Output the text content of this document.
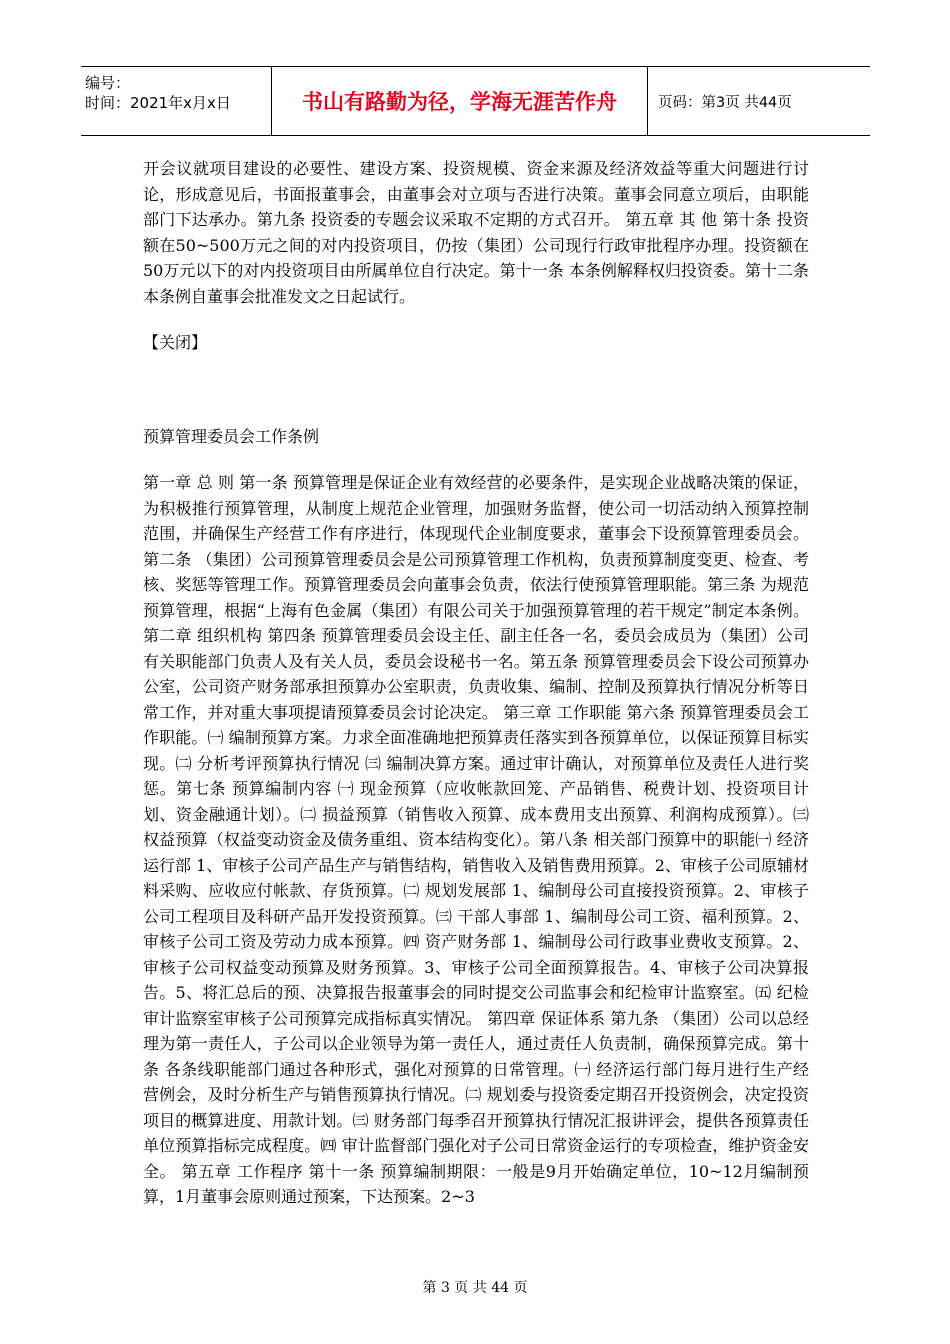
编号：
时间：2021年x月x日	书山有路勤为径，学海无涯苦作舟	页码：第3页 共44页

开会议就项目建设的必要性、建设方案、投资规模、资金来源及经济效益等重大问题进行讨论，形成意见后，书面报董事会，由董事会对立项与否进行决策。董事会同意立项后，由职能部门下达承办。第九条 投资委的专题会议采取不定期的方式召开。 第五章 其 他 第十条 投资额在50~500万元之间的对内投资项目，仍按（集团）公司现行行政审批程序办理。投资额在50万元以下的对内投资项目由所属单位自行决定。第十一条 本条例解释权归投资委。第十二条 本条例自董事会批准发文之日起试行。

【关闭】

预算管理委员会工作条例

第一章 总 则 第一条 预算管理是保证企业有效经营的必要条件，是实现企业战略决策的保证，为积极推行预算管理，从制度上规范企业管理，加强财务监督，使公司一切活动纳入预算控制范围，并确保生产经营工作有序进行，体现现代企业制度要求，董事会下设预算管理委员会。第二条 （集团）公司预算管理委员会是公司预算管理工作机构，负责预算制度变更、检查、考核、奖惩等管理工作。预算管理委员会向董事会负责，依法行使预算管理职能。第三条 为规范预算管理，根据“上海有色金属（集团）有限公司关于加强预算管理的若干规定”制定本条例。 第二章 组织机构 第四条 预算管理委员会设主任、副主任各一名，委员会成员为（集团）公司有关职能部门负责人及有关人员，委员会设秘书一名。第五条 预算管理委员会下设公司预算办公室，公司资产财务部承担预算办公室职责，负责收集、编制、控制及预算执行情况分析等日常工作，并对重大事项提请预算委员会讨论决定。 第三章 工作职能 第六条 预算管理委员会工作职能。㈠ 编制预算方案。力求全面准确地把预算责任落实到各预算单位，以保证预算目标实现。㈡ 分析考评预算执行情况 ㈢ 编制决算方案。通过审计确认，对预算单位及责任人进行奖惩。第七条 预算编制内容 ㈠ 现金预算（应收帐款回笼、产品销售、税费计划、投资项目计划、资金融通计划）。㈡ 损益预算（销售收入预算、成本费用支出预算、利润构成预算）。㈢ 权益预算（权益变动资金及债务重组、资本结构变化）。第八条 相关部门预算中的职能㈠ 经济运行部 1、审核子公司产品生产与销售结构，销售收入及销售费用预算。2、审核子公司原辅材料采购、应收应付帐款、存货预算。㈡ 规划发展部 1、编制母公司直接投资预算。2、审核子公司工程项目及科研产品开发投资预算。㈢ 干部人事部 1、编制母公司工资、福利预算。2、审核子公司工资及劳动力成本预算。㈣ 资产财务部 1、编制母公司行政事业费收支预算。2、审核子公司权益变动预算及财务预算。3、审核子公司全面预算报告。4、审核子公司决算报告。5、将汇总后的预、决算报告报董事会的同时提交公司监事会和纪检审计监察室。㈤ 纪检审计监察室审核子公司预算完成指标真实情况。 第四章 保证体系 第九条 （集团）公司以总经理为第一责任人，子公司以企业领导为第一责任人，通过责任人负责制，确保预算完成。第十条 各条线职能部门通过各种形式，强化对预算的日常管理。㈠ 经济运行部门每月进行生产经营例会，及时分析生产与销售预算执行情况。㈡ 规划委与投资委定期召开投资例会，决定投资项目的概算进度、用款计划。㈢ 财务部门每季召开预算执行情况汇报讲评会，提供各预算责任单位预算指标完成程度。㈣ 审计监督部门强化对子公司日常资金运行的专项检查，维护资金安全。 第五章 工作程序 第十一条 预算编制期限：一般是9月开始确定单位，10~12月编制预算，1月董事会原则通过预案，下达预案。2~3

第 3 页 共 44 页
